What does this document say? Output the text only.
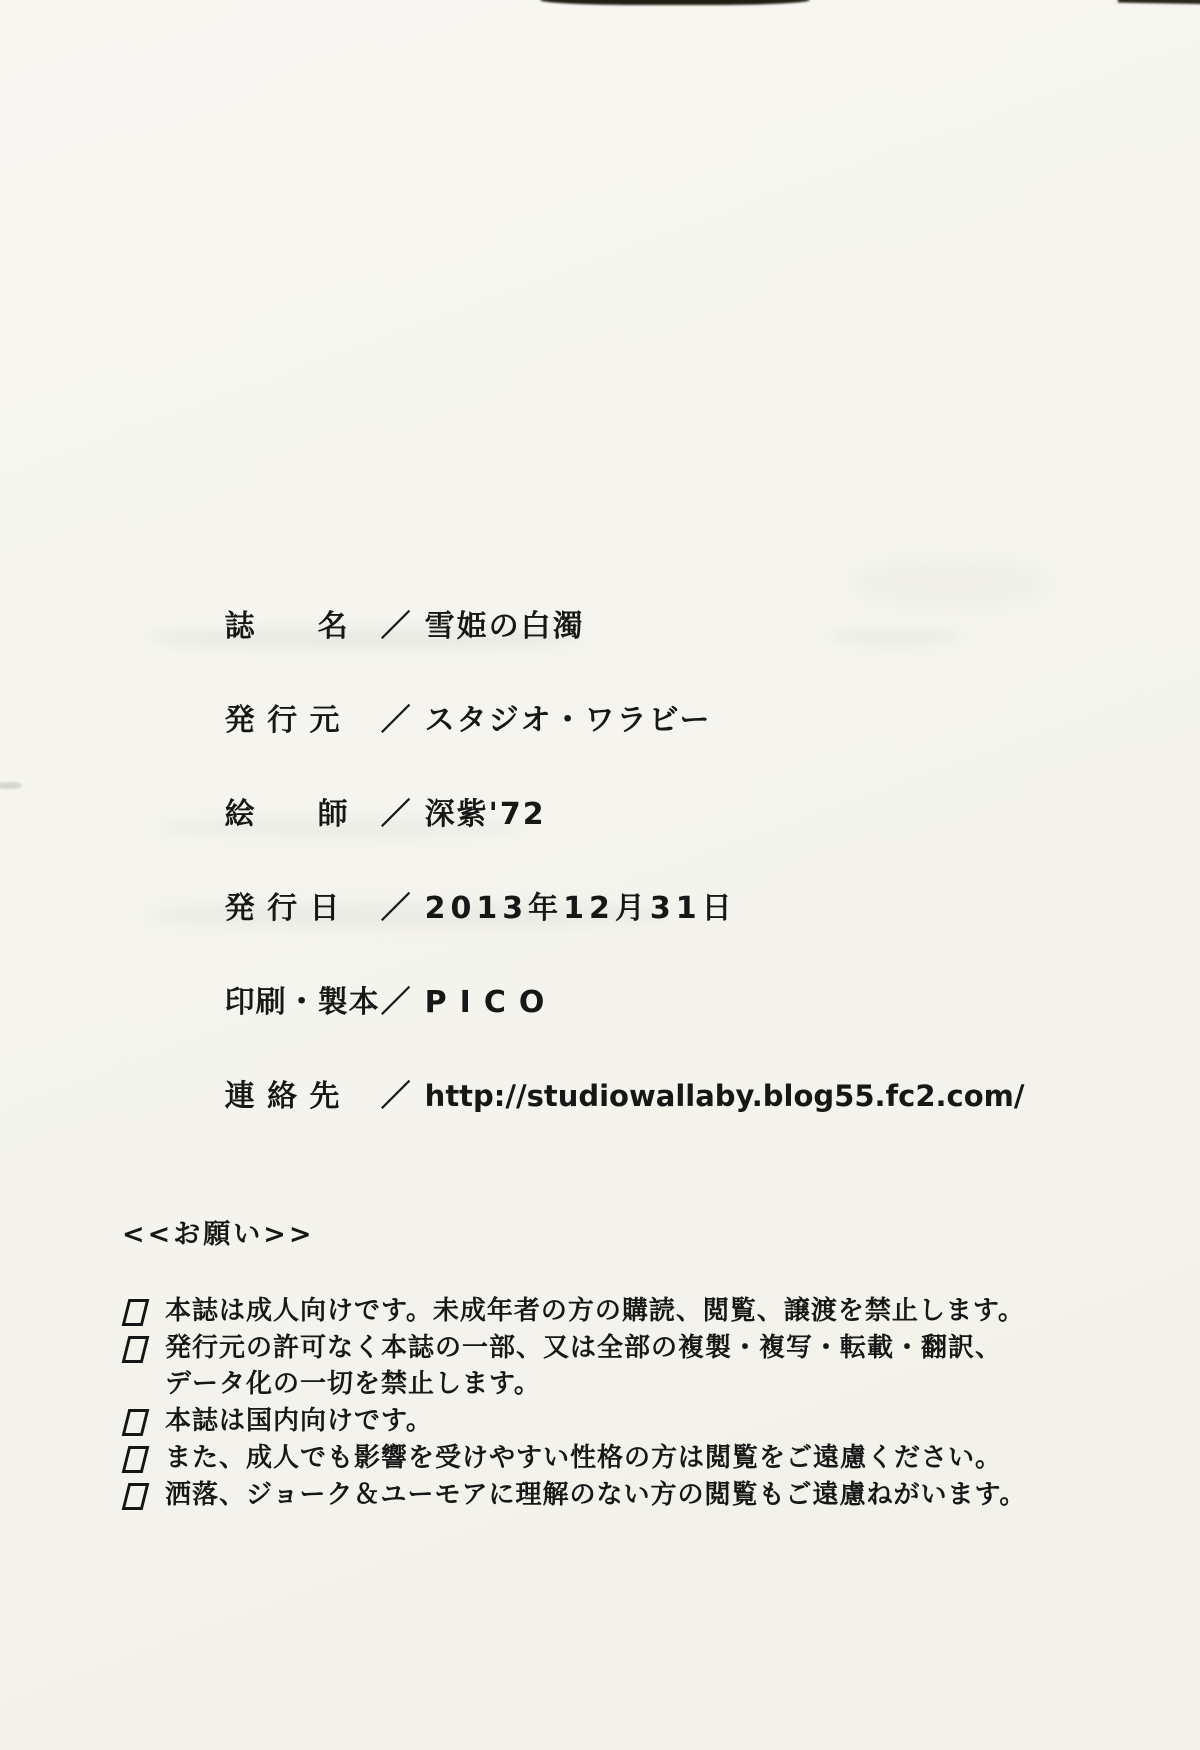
誌　　名 ／ 雪姫の白濁

発 行 元 ／ スタジオ・ワラビー

絵　　師 ／ 深紫'72

発 行 日 ／ 2013年12月31日

印刷・製本／ PICO

連 絡 先 ／ http://studiowallaby.blog55.fc2.com/

<<お願い>>
本誌は成人向けです。未成年者の方の購読、閲覧、譲渡を禁止します。
発行元の許可なく本誌の一部、又は全部の複製・複写・転載・翻訳、
データ化の一切を禁止します。
本誌は国内向けです。
また、成人でも影響を受けやすい性格の方は閲覧をご遠慮ください。
洒落、ジョーク＆ユーモアに理解のない方の閲覧もご遠慮ねがいます。
